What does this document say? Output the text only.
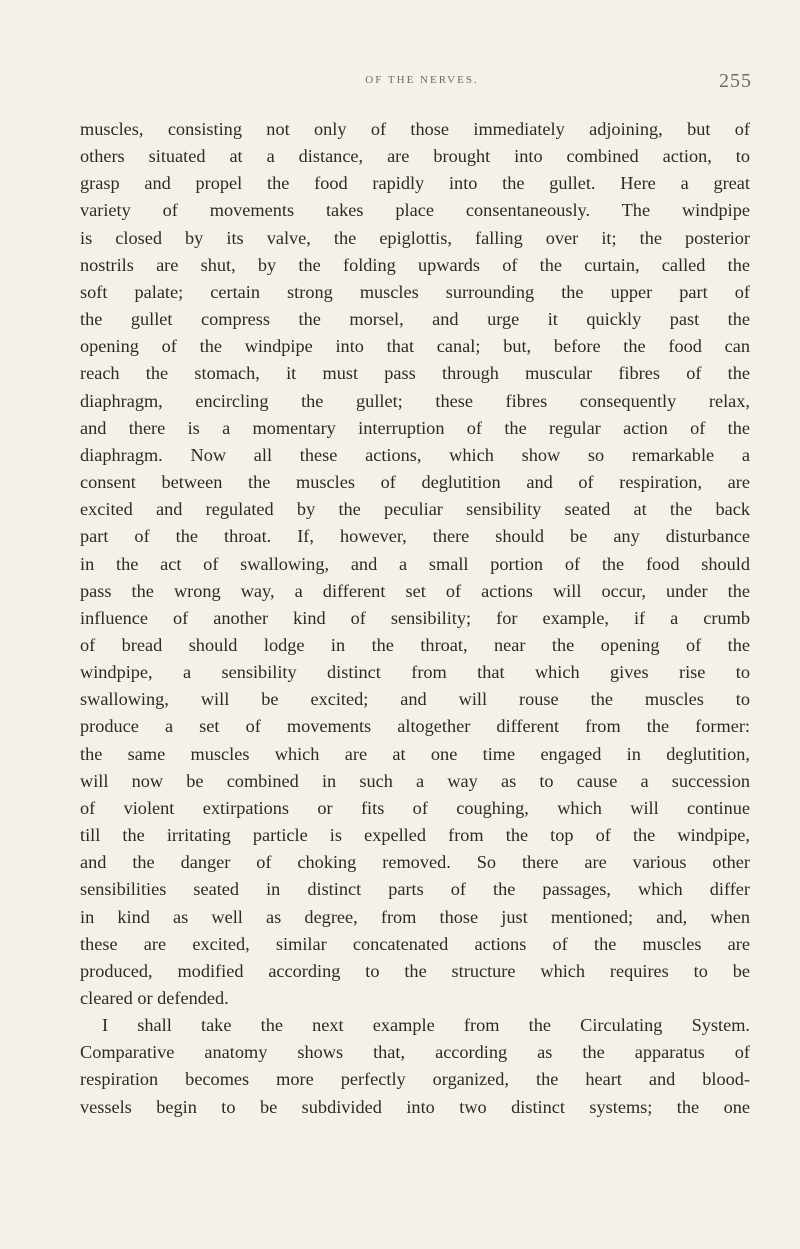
OF THE NERVES.	255
muscles, consisting not only of those immediately adjoining, but of
others situated at a distance, are brought into combined action, to
grasp and propel the food rapidly into the gullet. Here a great
variety of movements takes place consentaneously. The windpipe
is closed by its valve, the epiglottis, falling over it; the posterior
nostrils are shut, by the folding upwards of the curtain, called the
soft palate; certain strong muscles surrounding the upper part of
the gullet compress the morsel, and urge it quickly past the
opening of the windpipe into that canal; but, before the food can
reach the stomach, it must pass through muscular fibres of the
diaphragm, encircling the gullet; these fibres consequently relax,
and there is a momentary interruption of the regular action of the
diaphragm. Now all these actions, which show so remarkable a
consent between the muscles of deglutition and of respiration, are
excited and regulated by the peculiar sensibility seated at the back
part of the throat. If, however, there should be any disturbance
in the act of swallowing, and a small portion of the food should
pass the wrong way, a different set of actions will occur, under the
influence of another kind of sensibility; for example, if a crumb
of bread should lodge in the throat, near the opening of the
windpipe, a sensibility distinct from that which gives rise to
swallowing, will be excited; and will rouse the muscles to
produce a set of movements altogether different from the former:
the same muscles which are at one time engaged in deglutition,
will now be combined in such a way as to cause a succession
of violent extirpations or fits of coughing, which will continue
till the irritating particle is expelled from the top of the windpipe,
and the danger of choking removed. So there are various other
sensibilities seated in distinct parts of the passages, which differ
in kind as well as degree, from those just mentioned; and, when
these are excited, similar concatenated actions of the muscles are
produced, modified according to the structure which requires to be
cleared or defended.
I shall take the next example from the Circulating System.
Comparative anatomy shows that, according as the apparatus of
respiration becomes more perfectly organized, the heart and blood-
vessels begin to be subdivided into two distinct systems; the one
